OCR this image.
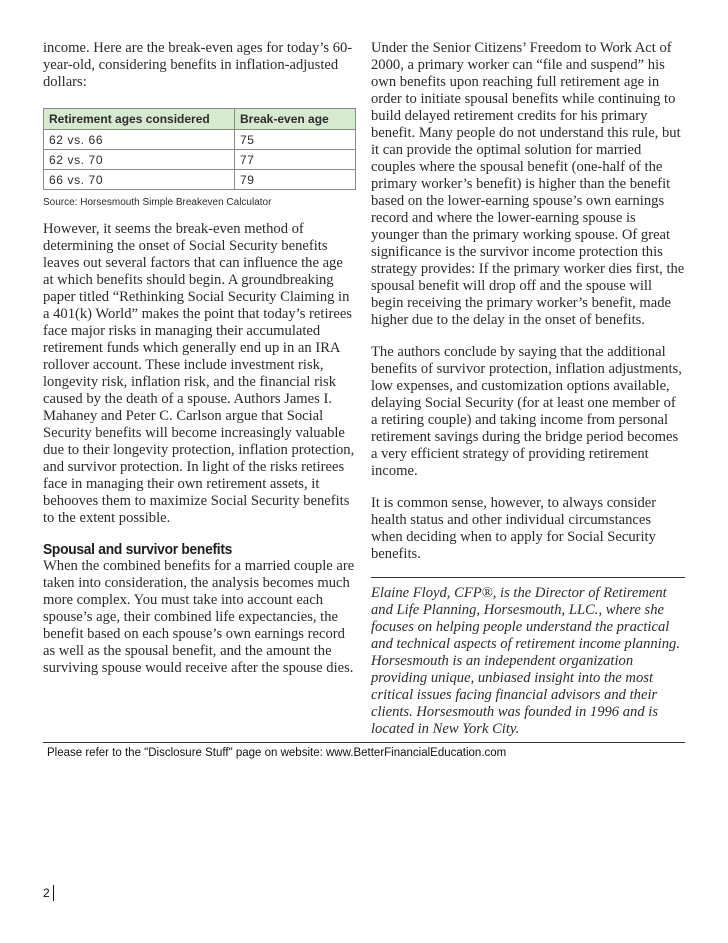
income. Here are the break-even ages for today’s 60-year-old, considering benefits in inflation-adjusted dollars:

Retirement ages considered	Break-even age
62 vs. 66	75
62 vs. 70	77
66 vs. 70	79
Source: Horsesmouth Simple Breakeven Calculator

However, it seems the break-even method of determining the onset of Social Security benefits leaves out several factors that can influence the age at which benefits should begin. A groundbreaking paper titled “Rethinking Social Security Claiming in a 401(k) World” makes the point that today’s retirees face major risks in managing their accumulated retirement funds which generally end up in an IRA rollover account. These include investment risk, longevity risk, inflation risk, and the financial risk caused by the death of a spouse. Authors James I. Mahaney and Peter C. Carlson argue that Social Security benefits will become increasingly valuable due to their longevity protection, inflation protection, and survivor protection. In light of the risks retirees face in managing their own retirement assets, it behooves them to maximize Social Security benefits to the extent possible.

Spousal and survivor benefits

When the combined benefits for a married couple are taken into consideration, the analysis becomes much more complex. You must take into account each spouse’s age, their combined life expectancies, the benefit based on each spouse’s own earnings record as well as the spousal benefit, and the amount the surviving spouse would receive after the spouse dies.

Under the Senior Citizens’ Freedom to Work Act of 2000, a primary worker can “file and suspend” his own benefits upon reaching full retirement age in order to initiate spousal benefits while continuing to build delayed retirement credits for his primary benefit. Many people do not understand this rule, but it can provide the optimal solution for married couples where the spousal benefit (one-half of the primary worker’s benefit) is higher than the benefit based on the lower-earning spouse’s own earnings record and where the lower-earning spouse is younger than the primary working spouse. Of great significance is the survivor income protection this strategy provides: If the primary worker dies first, the spousal benefit will drop off and the spouse will begin receiving the primary worker’s benefit, made higher due to the delay in the onset of benefits.

The authors conclude by saying that the additional benefits of survivor protection, inflation adjustments, low expenses, and customization options available, delaying Social Security (for at least one member of a retiring couple) and taking income from personal retirement savings during the bridge period becomes a very efficient strategy of providing retirement income.

It is common sense, however, to always consider health status and other individual circumstances when deciding when to apply for Social Security benefits.

Elaine Floyd, CFP®, is the Director of Retirement and Life Planning, Horsesmouth, LLC., where she focuses on helping people understand the practical and technical aspects of retirement income planning. Horsesmouth is an independent organization providing unique, unbiased insight into the most critical issues facing financial advisors and their clients. Horsesmouth was founded in 1996 and is located in New York City.

Please refer to the "Disclosure Stuff" page on website: www.BetterFinancialEducation.com
2
